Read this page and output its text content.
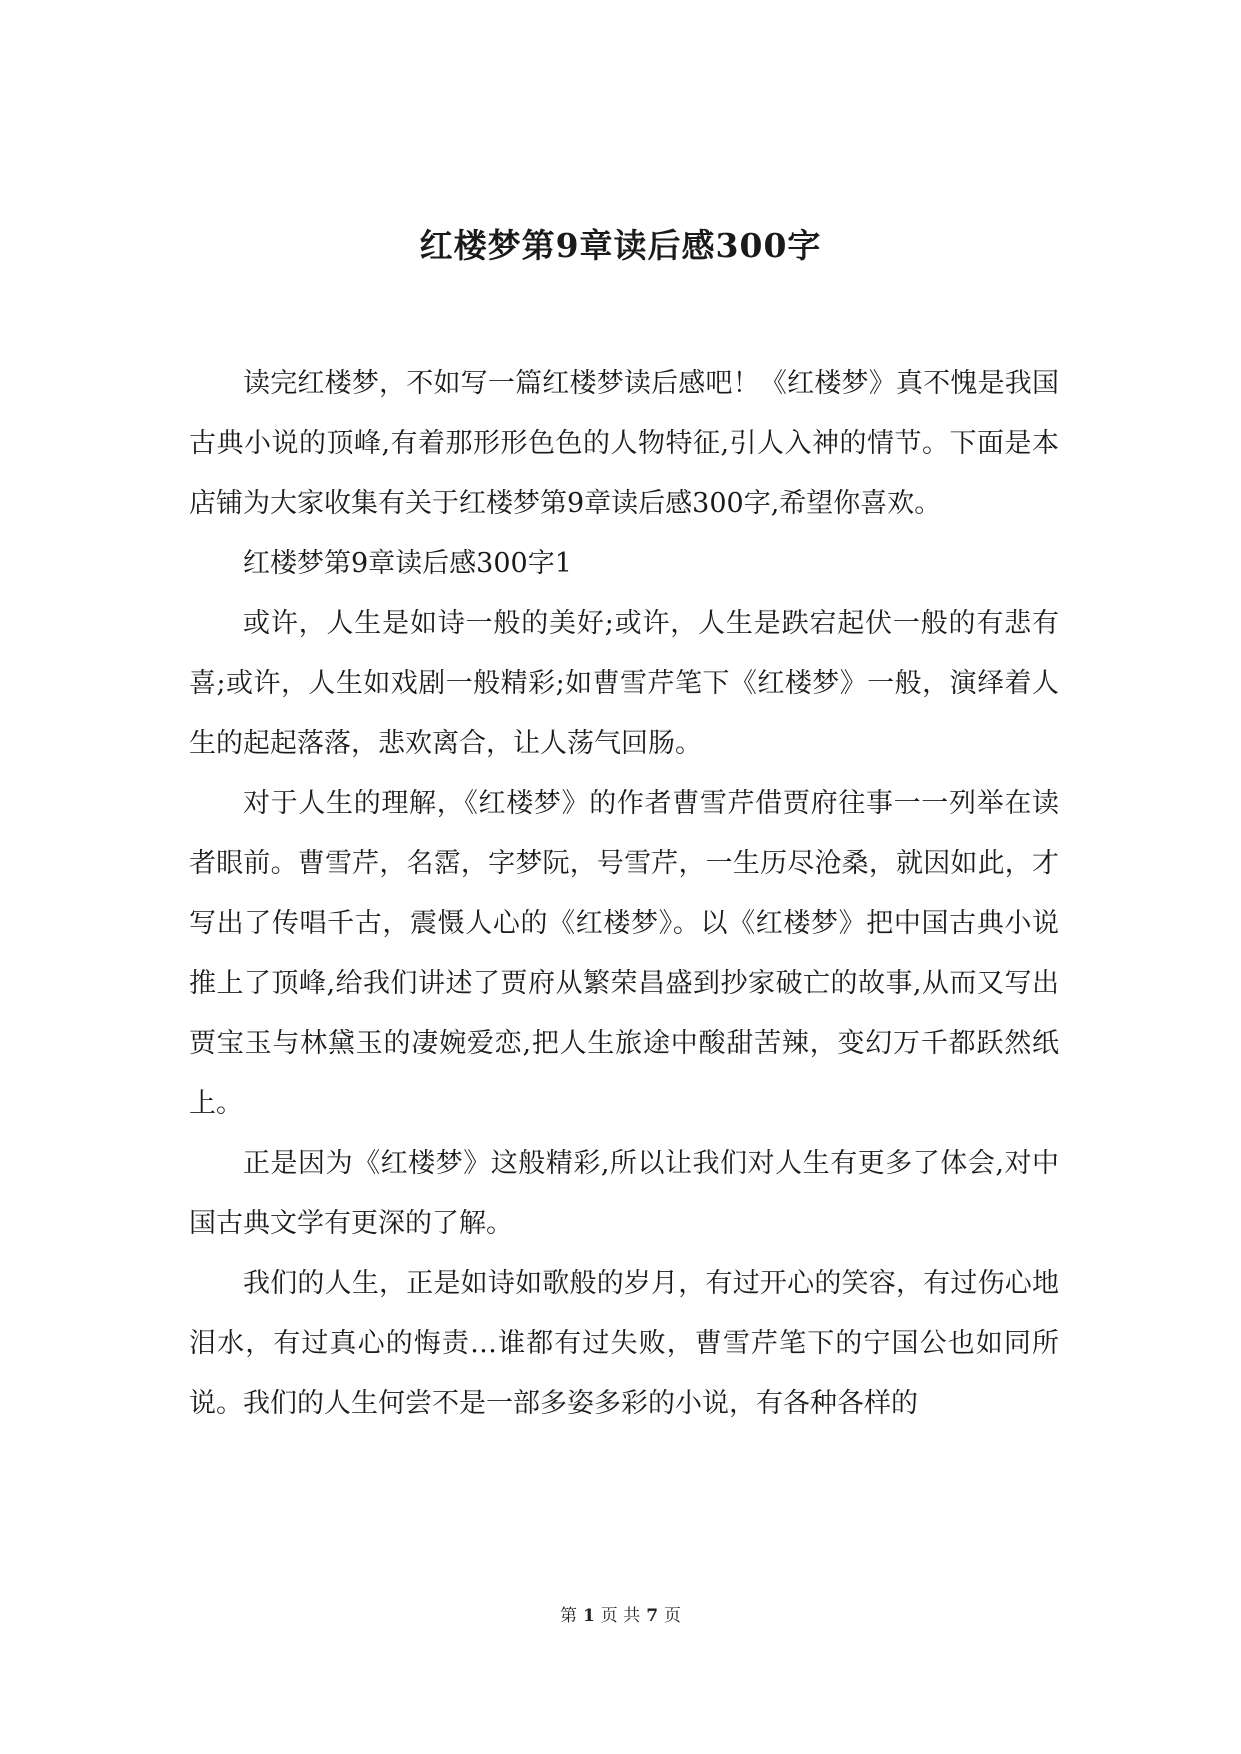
红楼梦第9章读后感300字

读完红楼梦，不如写一篇红楼梦读后感吧！《红楼梦》真不愧是我国古典小说的顶峰,有着那形形色色的人物特征,引人入神的情节。下面是本店铺为大家收集有关于红楼梦第9章读后感300字,希望你喜欢。

红楼梦第9章读后感300字1

或许，人生是如诗一般的美好;或许，人生是跌宕起伏一般的有悲有喜;或许，人生如戏剧一般精彩;如曹雪芹笔下《红楼梦》一般，演绎着人生的起起落落，悲欢离合，让人荡气回肠。

对于人生的理解，《红楼梦》的作者曹雪芹借贾府往事一一列举在读者眼前。曹雪芹，名霑，字梦阮，号雪芹，一生历尽沧桑，就因如此，才写出了传唱千古，震慑人心的《红楼梦》。以《红楼梦》把中国古典小说推上了顶峰,给我们讲述了贾府从繁荣昌盛到抄家破亡的故事,从而又写出贾宝玉与林黛玉的凄婉爱恋,把人生旅途中酸甜苦辣，变幻万千都跃然纸上。

正是因为《红楼梦》这般精彩,所以让我们对人生有更多了体会,对中国古典文学有更深的了解。

我们的人生，正是如诗如歌般的岁月，有过开心的笑容，有过伤心地泪水，有过真心的悔责…谁都有过失败，曹雪芹笔下的宁国公也如同所说。我们的人生何尝不是一部多姿多彩的小说，有各种各样的

第 1 页 共 7 页
